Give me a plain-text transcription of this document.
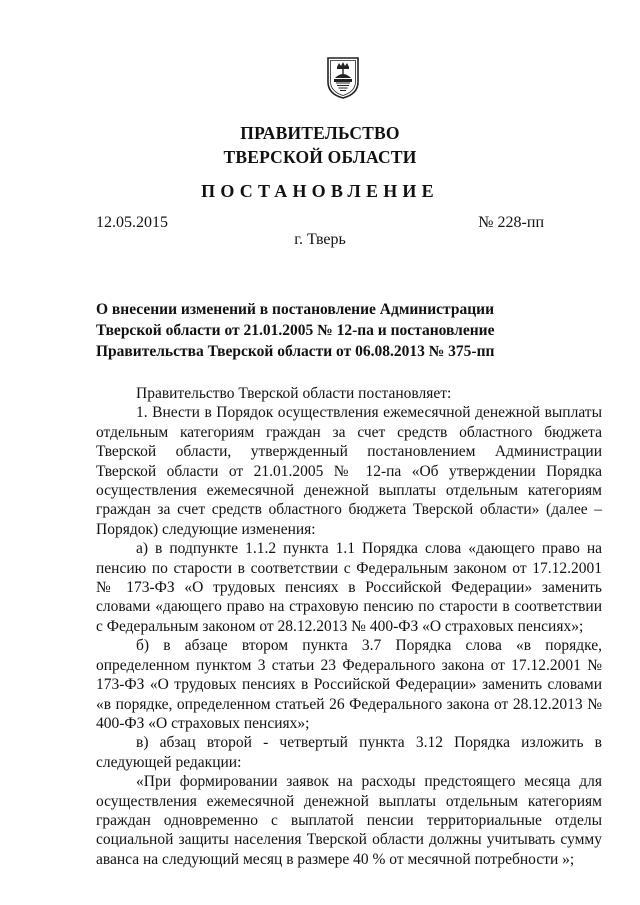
ПРАВИТЕЛЬСТВО
ТВЕРСКОЙ ОБЛАСТИ
ПОСТАНОВЛЕНИЕ
12.05.2015	№ 228-пп
г. Тверь
О внесении изменений в постановление Администрации
Тверской области от 21.01.2005 № 12-па и постановление
Правительства Тверской области от 06.08.2013 № 375-пп

Правительство Тверской области постановляет:

1. Внести в Порядок осуществления ежемесячной денежной выплаты отдельным категориям граждан за счет средств областного бюджета Тверской области, утвержденный постановлением Администрации Тверской области от 21.01.2005 № 12-па «Об утверждении Порядка осуществления ежемесячной денежной выплаты отдельным категориям граждан за счет средств областного бюджета Тверской области» (далее – Порядок) следующие изменения:

а) в подпункте 1.1.2 пункта 1.1 Порядка слова «дающего право на пенсию по старости в соответствии с Федеральным законом от 17.12.2001 № 173-ФЗ «О трудовых пенсиях в Российской Федерации» заменить словами «дающего право на страховую пенсию по старости в соответствии с Федеральным законом от 28.12.2013 № 400-ФЗ «О страховых пенсиях»;

б) в абзаце втором пункта 3.7 Порядка слова «в порядке, определенном пунктом 3 статьи 23 Федерального закона от 17.12.2001 № 173-ФЗ «О трудовых пенсиях в Российской Федерации» заменить словами «в порядке, определенном статьей 26 Федерального закона от 28.12.2013 № 400-ФЗ «О страховых пенсиях»;

в) абзац второй - четвертый пункта 3.12 Порядка изложить в следующей редакции:

«При формировании заявок на расходы предстоящего месяца для осуществления ежемесячной денежной выплаты отдельным категориям граждан одновременно с выплатой пенсии территориальные отделы социальной защиты населения Тверской области должны учитывать сумму аванса на следующий месяц в размере 40 % от месячной потребности »;
